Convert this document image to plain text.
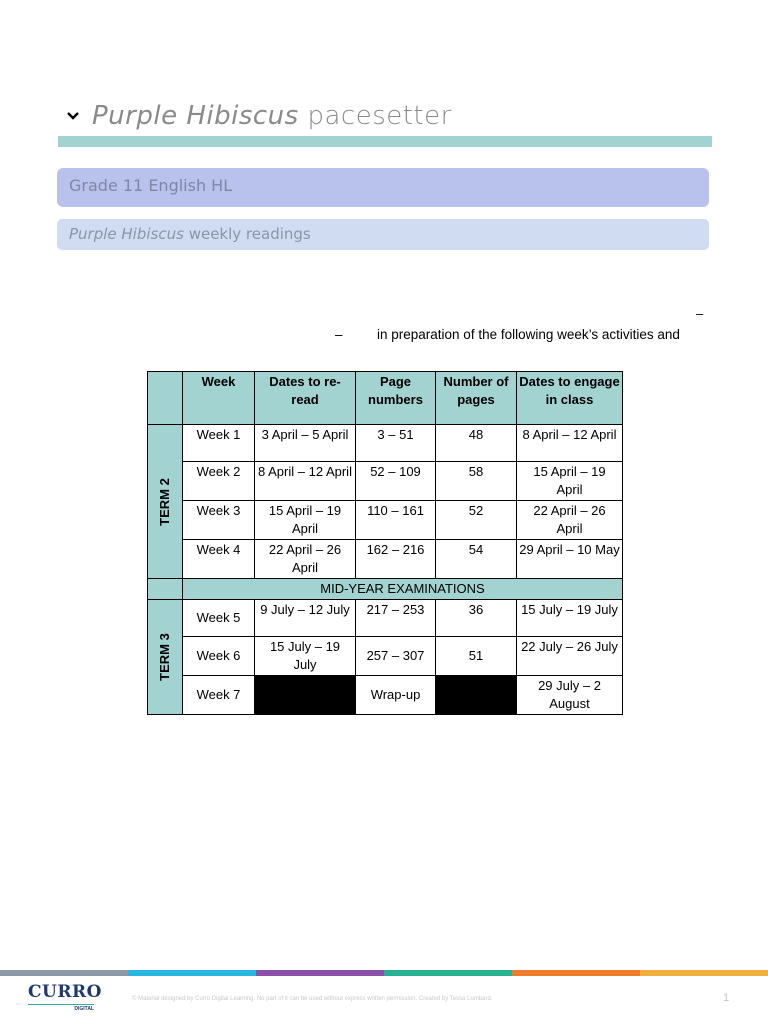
Purple Hibiscus pacesetter
Grade 11 English HL
Purple Hibiscus weekly readings
–
–	in preparation of the following week’s activities and
	Week	Dates to re-read	Page numbers	Number of pages	Dates to engage in class

TERM 2	Week 1	3 April – 5 April	3 – 51	48	8 April – 12 April
	Week 2	8 April – 12 April	52 – 109	58	15 April – 19 April
	Week 3	15 April – 19 April	110 – 161	52	22 April – 26 April
	Week 4	22 April – 26 April	162 – 216	54	29 April – 10 May
	MID-YEAR EXAMINATIONS				

TERM 3	Week 5	9 July – 12 July	217 – 253	36	15 July – 19 July
	Week 6	15 July – 19 July	257 – 307	51	22 July – 26 July
	Week 7		Wrap-up		29 July – 2 August
CURRO
DIGITAL
© Material designed by Curro Digital Learning. No part of it can be used without express written permission. Created by Tessa Lombard.	1
